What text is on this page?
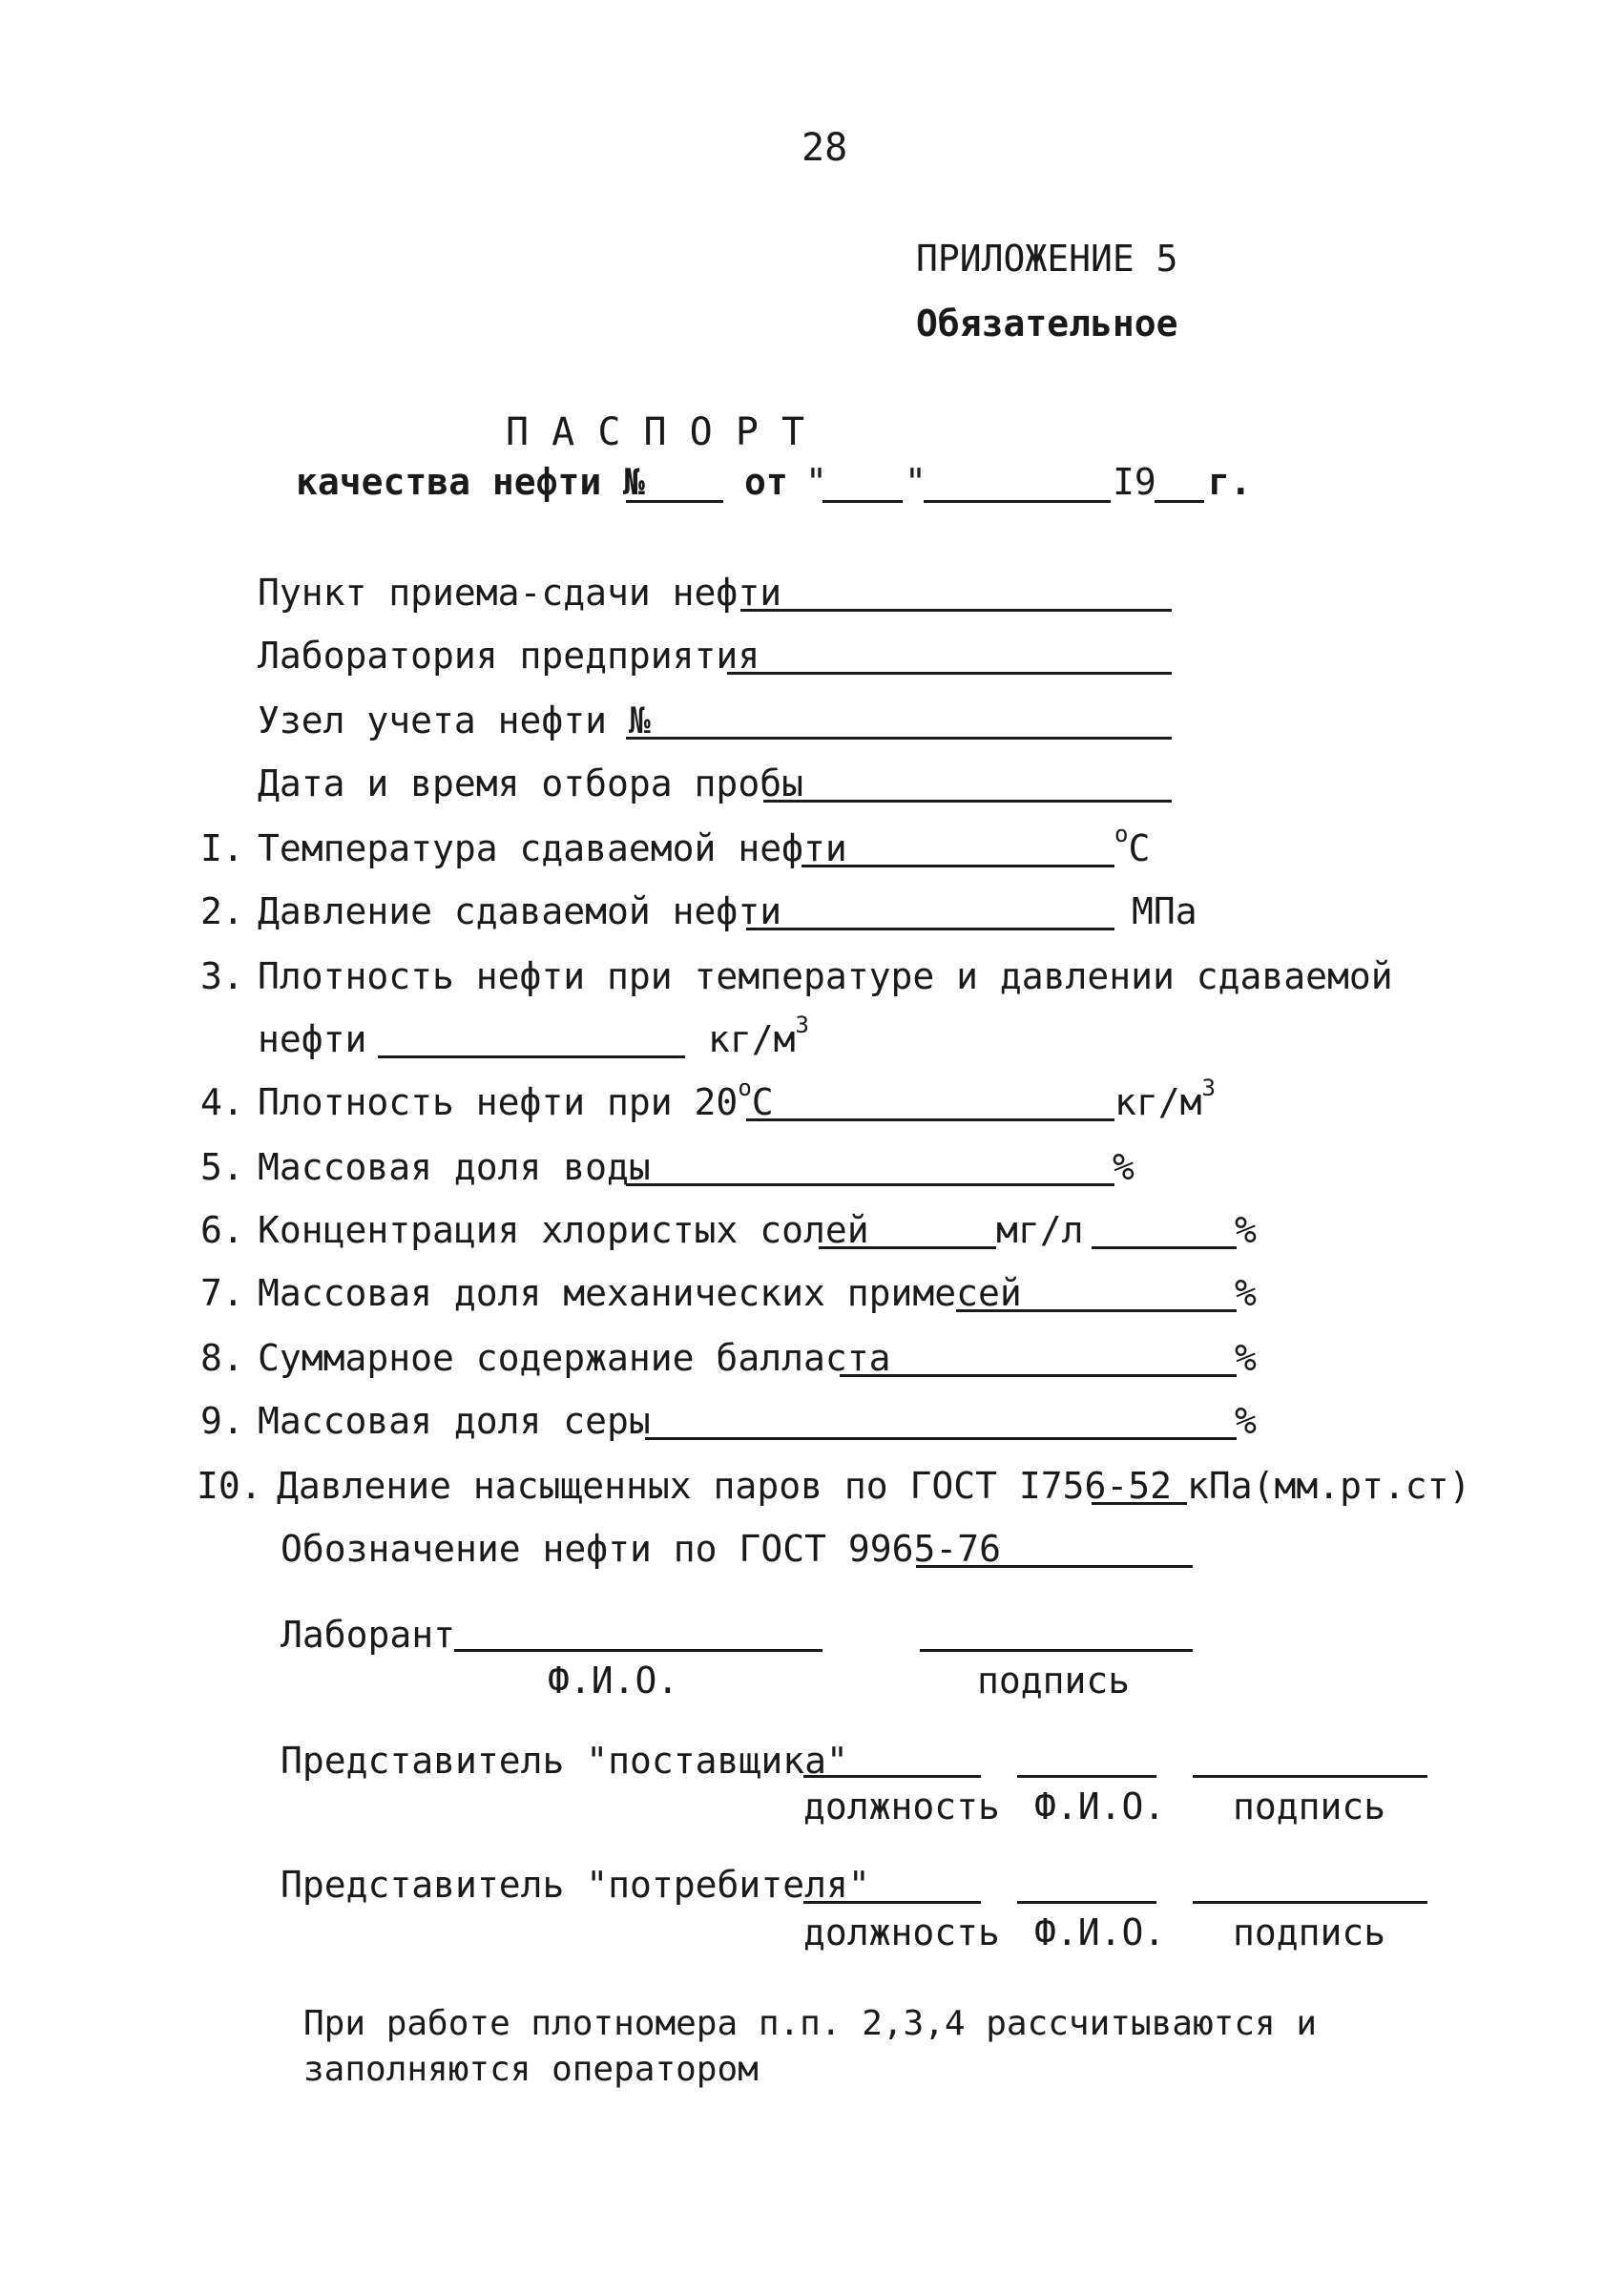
28
ПРИЛОЖЕНИЕ 5
Обязательное
П А С П О Р Т
качества нефти №	от " "	I9 г.
Пункт приема-сдачи нефти
Лаборатория предприятия
Узел учета нефти №
Дата и время отбора пробы
I. Температура сдаваемой нефти	$^o$C
2. Давление сдаваемой нефти	МПа
3. Плотность нефти при температуре и давлении сдаваемой
нефти	$кг/м^3$
4. Плотность нефти при $20^оС$	$кг/м^3$
5. Массовая доля воды	%
6. Концентрация хлористых солей	мг/л	%
7. Массовая доля механических примесей	%
8. Суммарное содержание балласта	%
9. Массовая доля серы	%
I0. Давление насыщенных паров по ГОСТ I756-52 кПа(мм.рт.ст)
Обозначение нефти по ГОСТ 9965-76
Лаборант
Ф.И.О.	подпись
Представитель "поставщика"
должность Ф.И.О. подпись
Представитель "потребителя"
должность Ф.И.О. подпись
При работе плотномера п.п. 2,3,4 рассчитываются и
заполняются оператором
